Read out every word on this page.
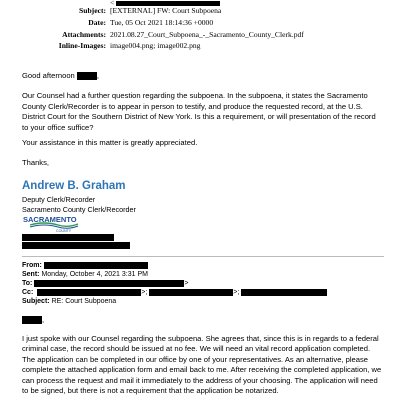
<
Subject: [EXTERNAL] FW: Court Subpoena
Date: Tue, 05 Oct 2021 18:14:36 +0000
Attachments: 2021.08.27_Court_Subpoena_-_Sacramento_County_Clerk.pdf
Inline-Images: image004.png; image002.png
Good afternoon	,
Our Counsel had a further question regarding the subpoena. In the subpoena, it states the Sacramento County Clerk/Recorder is to appear in person to testify, and produce the requested record, at the U.S. District Court for the Southern District of New York. Is this a requirement, or will presentation of the record to your office suffice?
Your assistance in this matter is greatly appreciated.
Thanks,
Andrew B. Graham
Deputy Clerk/Recorder
Sacramento County Clerk/Recorder
SACRAMENTO
COUNTY
From:
Sent: Monday, October 4, 2021 3:31 PM
To:	>
Cc:	>;	>;
Subject: RE: Court Subpoena
,
I just spoke with our Counsel regarding the subpoena. She agrees that, since this is in regards to a federal criminal case, the record should be issued at no fee. We will need an vital record application completed. The application can be completed in our office by one of your representatives. As an alternative, please complete the attached application form and email back to me. After receiving the completed application, we can process the request and mail it immediately to the address of your choosing. The application will need to be signed, but there is not a requirement that the application be notarized.
